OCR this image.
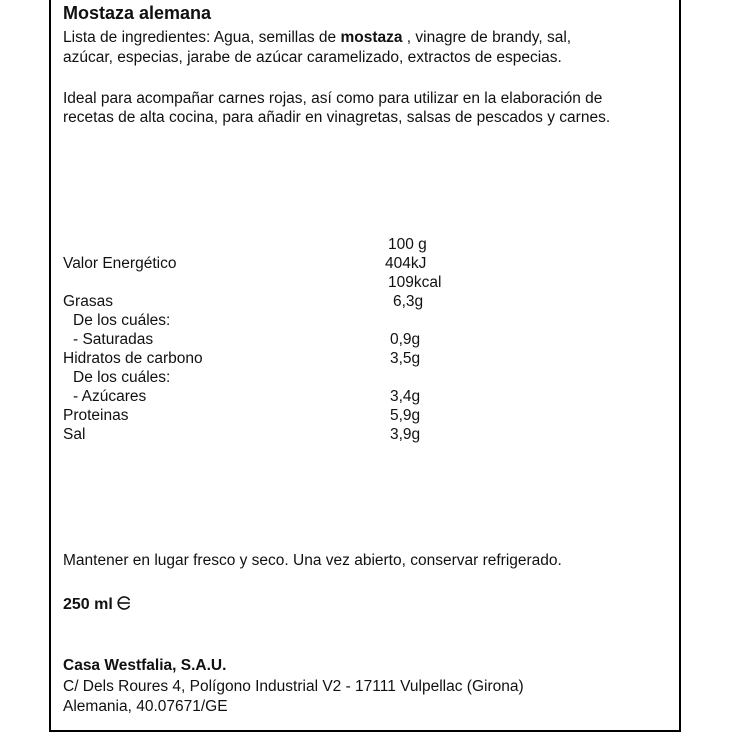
Mostaza alemana
Lista de ingredientes: Agua, semillas de mostaza , vinagre de brandy, sal,
azúcar, especias, jarabe de azúcar caramelizado, extractos de especias.
Ideal para acompañar carnes rojas, así como para utilizar en la elaboración de
recetas de alta cocina, para añadir en vinagretas, salsas de pescados y carnes.
100 g
Valor Energético	404kJ
109kcal
Grasas	6,3g
De los cuáles:
- Saturadas	0,9g
Hidratos de carbono	3,5g
De los cuáles:
- Azúcares	3,4g
Proteinas	5,9g
Sal	3,9g
Mantener en lugar fresco y seco. Una vez abierto, conservar refrigerado.
250 ml
Casa Westfalia, S.A.U.
C/ Dels Roures 4, Polígono Industrial V2 - 17111 Vulpellac (Girona)
Alemania, 40.07671/GE
